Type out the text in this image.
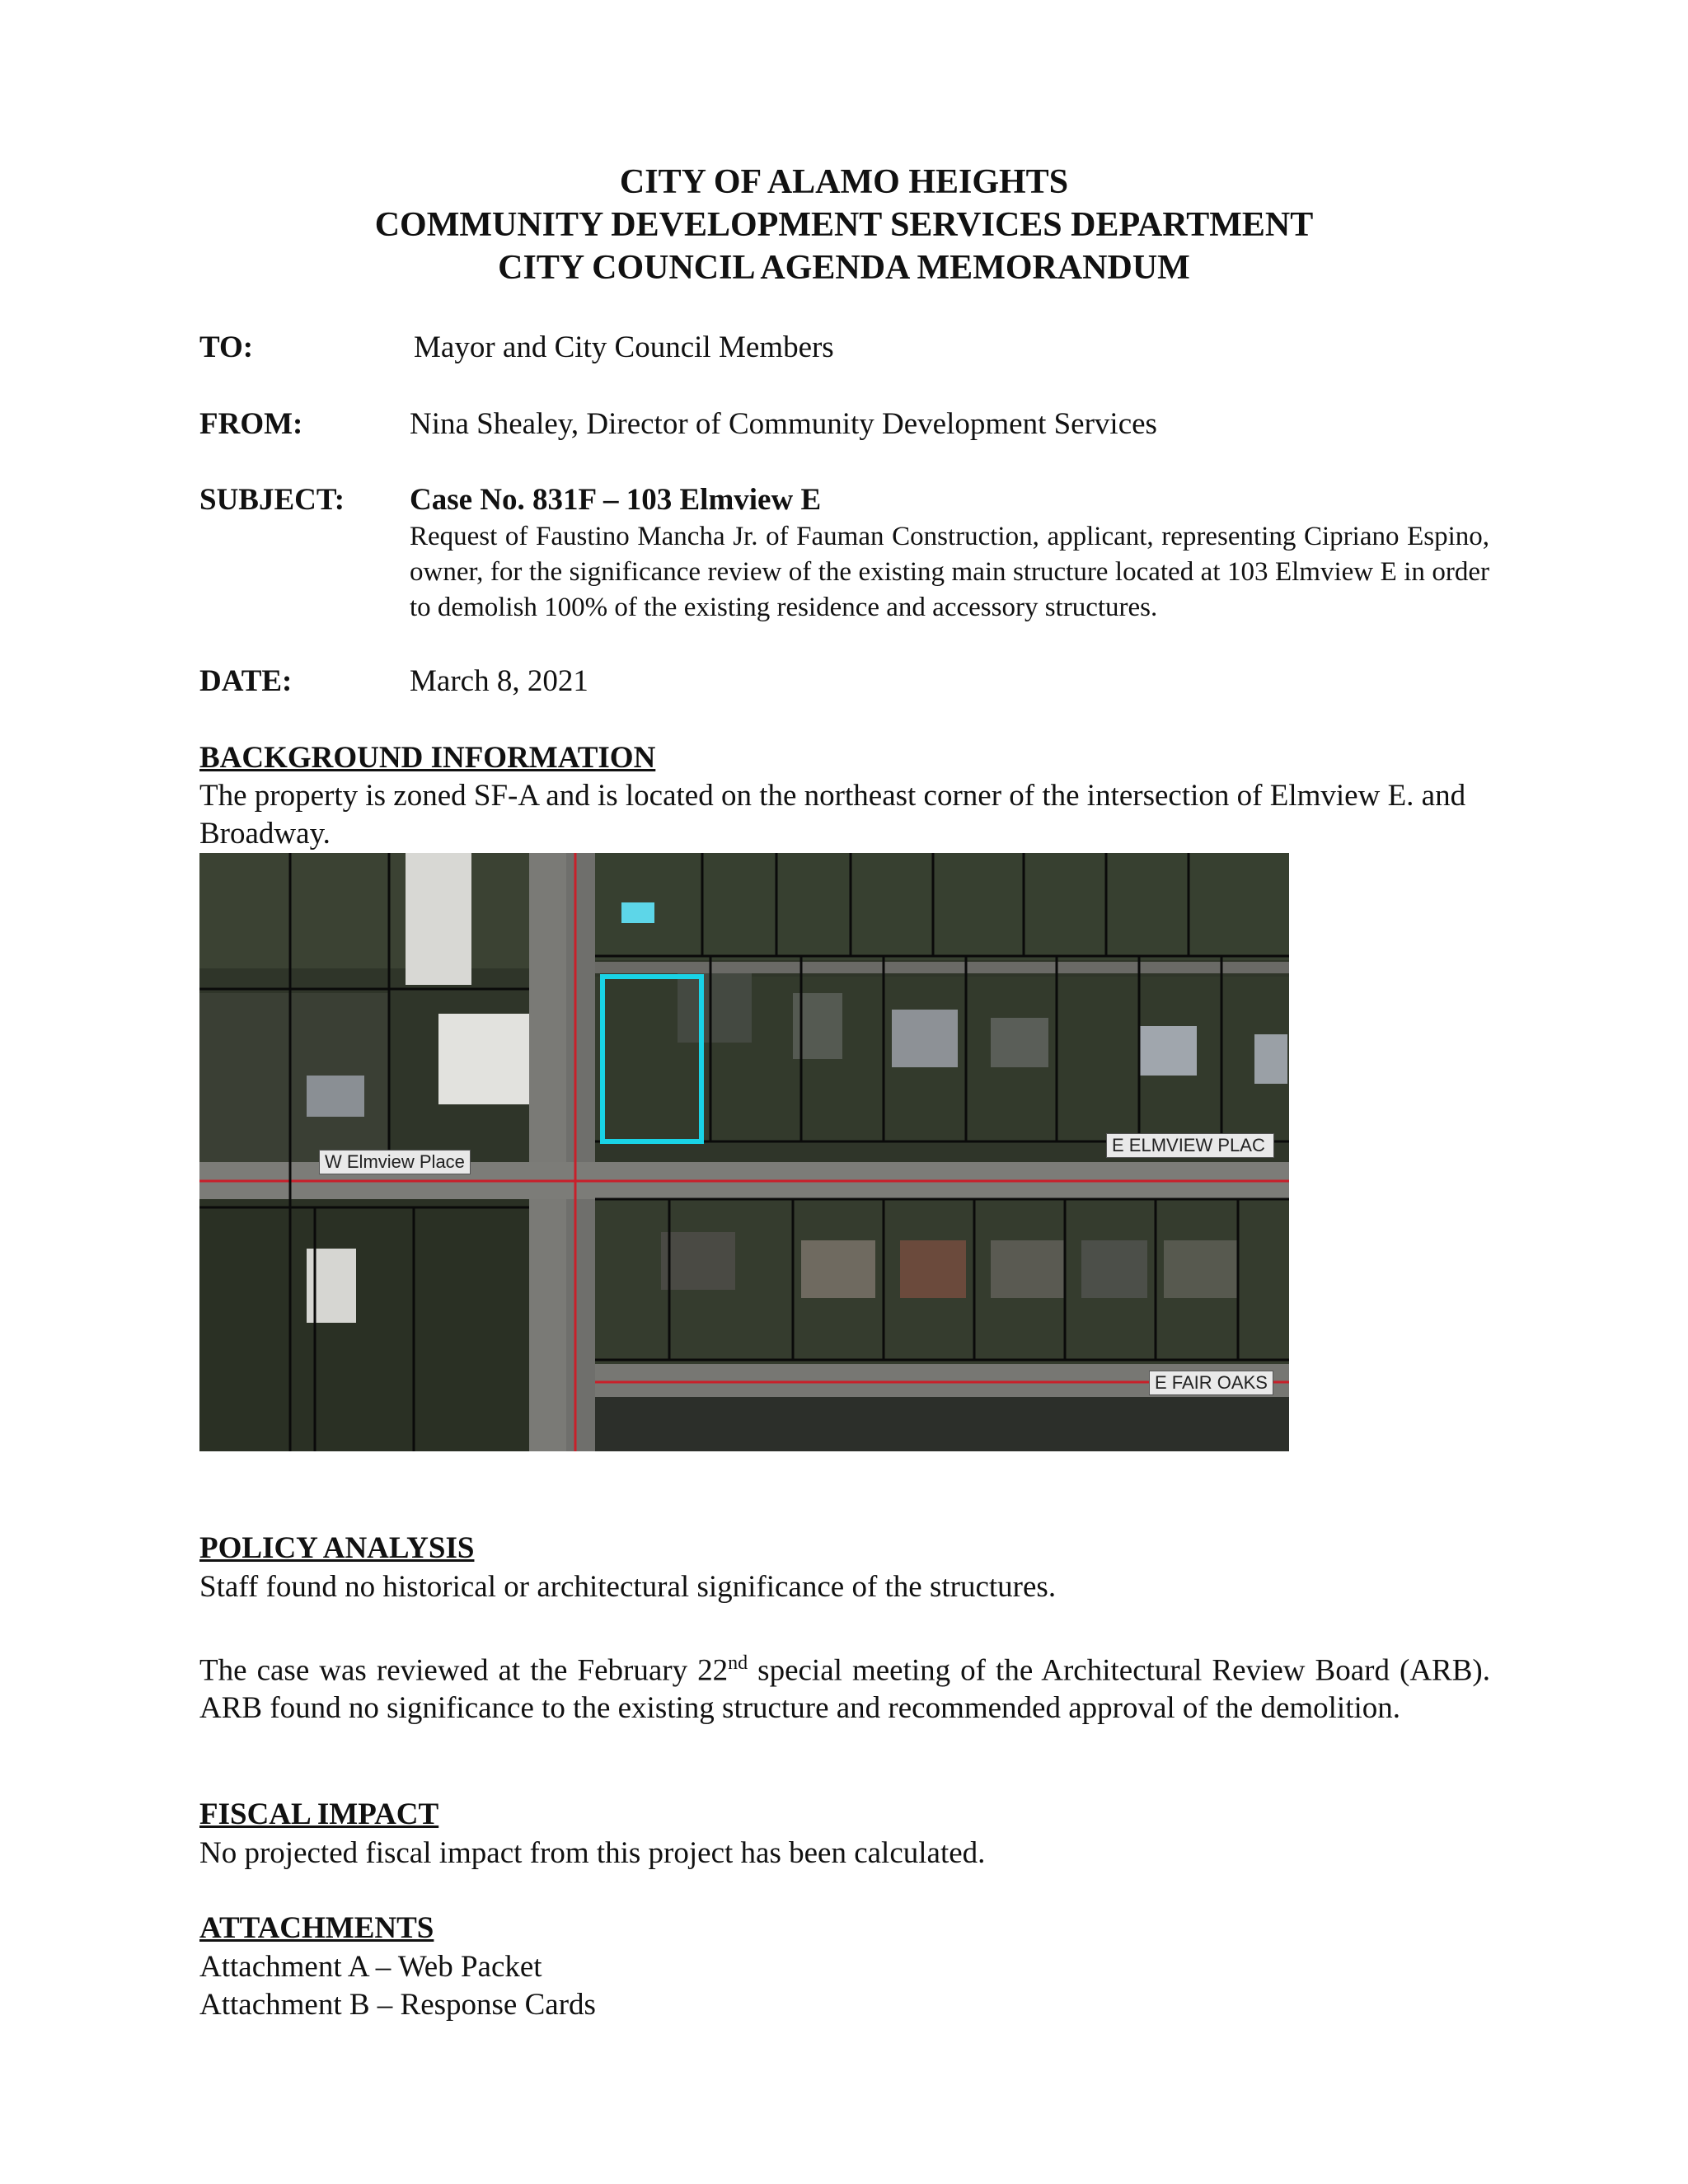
CITY OF ALAMO HEIGHTS
COMMUNITY DEVELOPMENT SERVICES DEPARTMENT
CITY COUNCIL AGENDA MEMORANDUM
TO:	Mayor and City Council Members
FROM:	Nina Shealey, Director of Community Development Services
SUBJECT: Case No. 831F – 103 Elmview E
Request of Faustino Mancha Jr. of Fauman Construction, applicant, representing Cipriano Espino, owner, for the significance review of the existing main structure located at 103 Elmview E in order to demolish 100% of the existing residence and accessory structures.
DATE:	March 8, 2021
BACKGROUND INFORMATION
The property is zoned SF-A and is located on the northeast corner of the intersection of Elmview E. and Broadway.
W Elmview Place
E ELMVIEW PLAC
E FAIR OAKS
POLICY ANALYSIS
Staff found no historical or architectural significance of the structures.
The case was reviewed at the February 22nd special meeting of the Architectural Review Board (ARB). ARB found no significance to the existing structure and recommended approval of the demolition.
FISCAL IMPACT
No projected fiscal impact from this project has been calculated.
ATTACHMENTS
Attachment A – Web Packet
Attachment B – Response Cards
